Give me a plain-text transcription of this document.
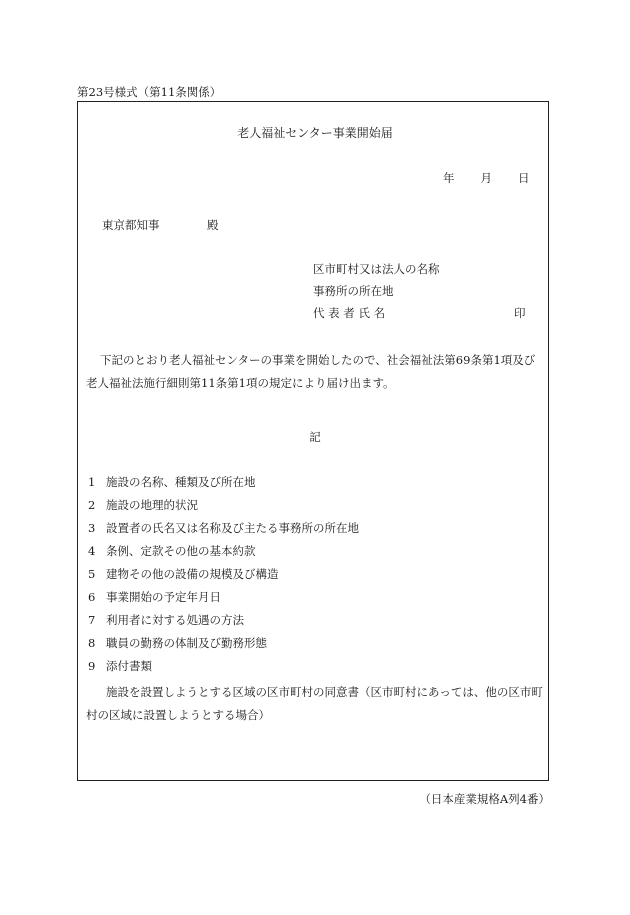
第23号様式（第11条関係）
老人福祉センター事業開始届
年 月 日
東京都知事	殿
区市町村又は法人の名称
事務所の所在地
代 表 者 氏 名	印
下記のとおり老人福祉センターの事業を開始したので、社会福祉法第69条第1項及び老人福祉法施行細則第11条第1項の規定により届け出ます。
記
1 施設の名称、種類及び所在地
2 施設の地理的状況
3 設置者の氏名又は名称及び主たる事務所の所在地
4 条例、定款その他の基本約款
5 建物その他の設備の規模及び構造
6 事業開始の予定年月日
7 利用者に対する処遇の方法
8 職員の勤務の体制及び勤務形態
9 添付書類
施設を設置しようとする区域の区市町村の同意書（区市町村にあっては、他の区市町村の区域に設置しようとする場合）
（日本産業規格A列4番）
